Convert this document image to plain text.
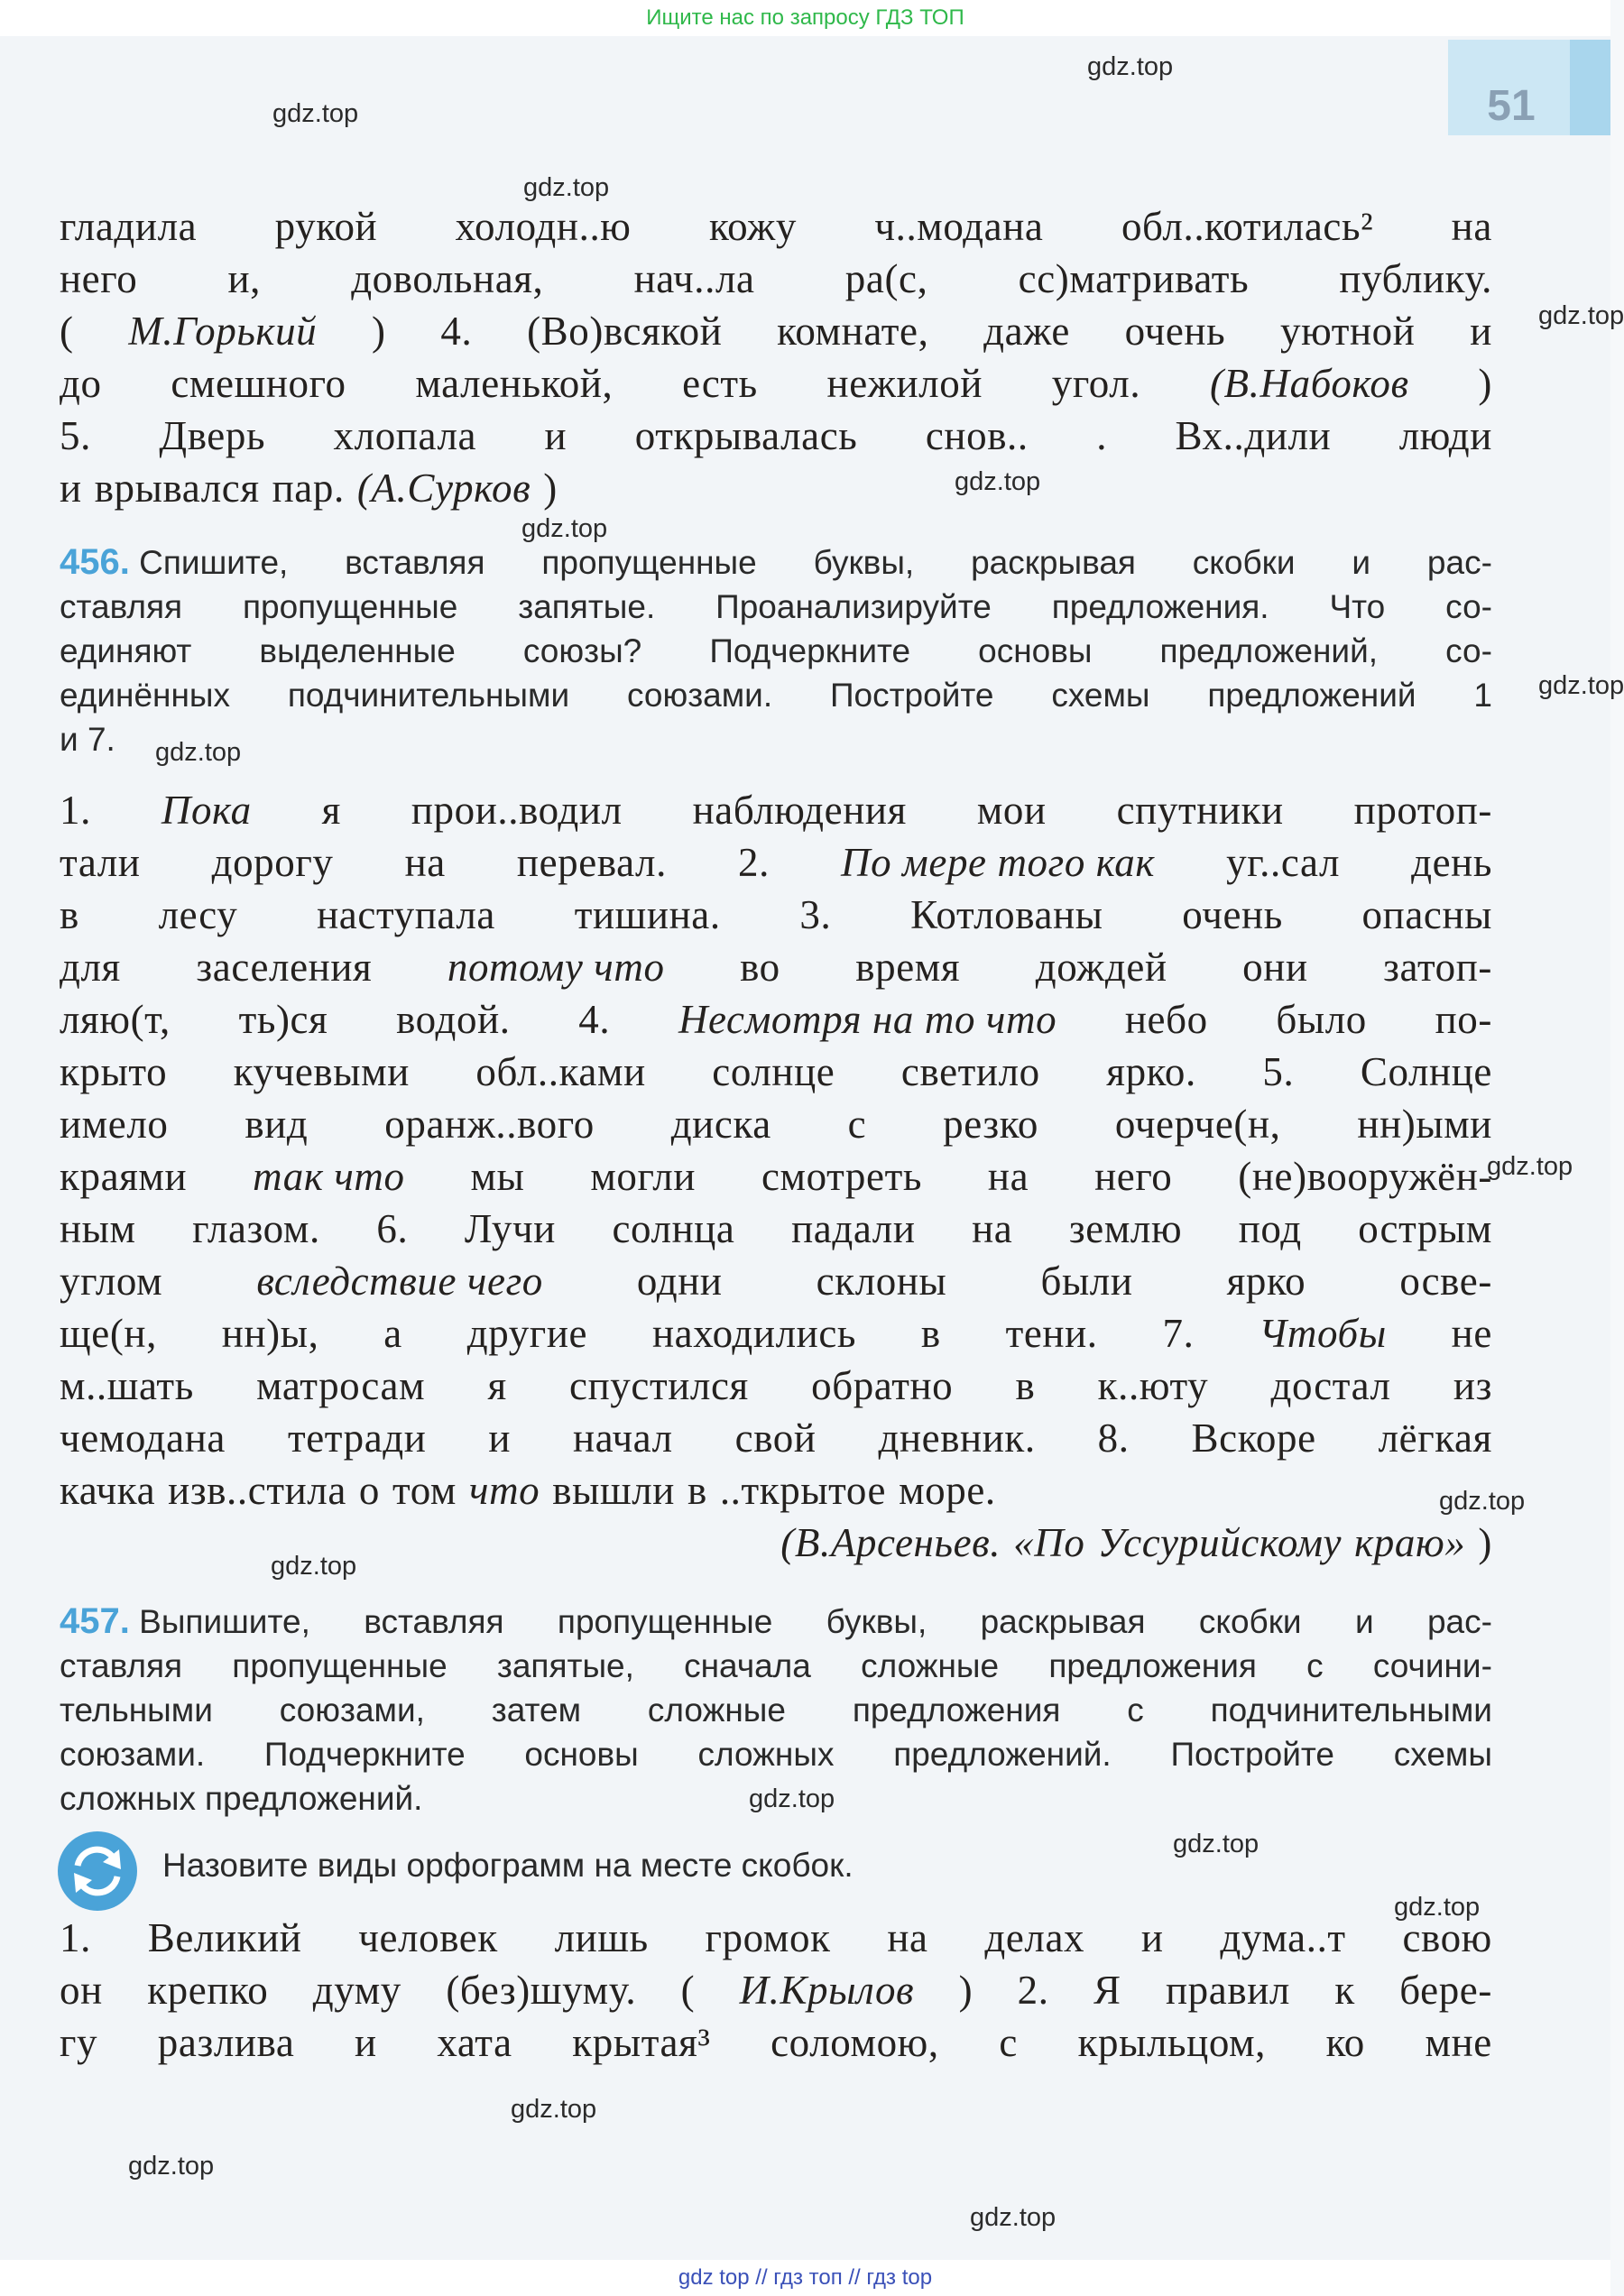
Ищите нас по запросу ГДЗ ТОП
51
гладила рукой холодн..ю кожу ч..модана обл..котилась² на
него и, довольная, нач..ла ра(с, сс)матривать публику.
( М.Горький ) 4. (Во)всякой комнате, даже очень уютной и
до смешного маленькой, есть нежилой угол. (В.Набоков )
5. Дверь хлопала и открывалась снов.. . Вх..дили люди
и врывался пар. (А.Сурков )
456. Спишите, вставляя пропущенные буквы, раскрывая скобки и рас-
ставляя пропущенные запятые. Проанализируйте предложения. Что со-
единяют выделенные союзы? Подчеркните основы предложений, со-
единённых подчинительными союзами. Постройте схемы предложений 1
и 7.
1. Пока я прои..водил наблюдения мои спутники протоп-
тали дорогу на перевал. 2. По мере того как уг..сал день
в лесу наступала тишина. 3. Котлованы очень опасны
для заселения потому что во время дождей они затоп-
ляю(т, ть)ся водой. 4. Несмотря на то что небо было по-
крыто кучевыми обл..ками солнце светило ярко. 5. Солнце
имело вид оранж..вого диска с резко очерче(н, нн)ыми
краями так что мы могли смотреть на него (не)вооружён-
ным глазом. 6. Лучи солнца падали на землю под острым
углом вследствие чего одни склоны были ярко осве-
ще(н, нн)ы, а другие находились в тени. 7. Чтобы не
м..шать матросам я спустился обратно в к..юту достал из
чемодана тетради и начал свой дневник. 8. Вскоре лёгкая
качка изв..стила о том что вышли в ..ткрытое море.
(В.Арсеньев. «По Уссурийскому краю» )
457. Выпишите, вставляя пропущенные буквы, раскрывая скобки и рас-
ставляя пропущенные запятые, сначала сложные предложения с сочини-
тельными союзами, затем сложные предложения с подчинительными
союзами. Подчеркните основы сложных предложений. Постройте схемы
сложных предложений.
Назовите виды орфограмм на месте скобок.
1. Великий человек лишь громок на делах и дума..т свою
он крепко думу (без)шуму. ( И.Крылов ) 2. Я правил к бере-
гу разлива и хата крытая³ соломою, с крыльцом, ко мне
gdz top // гдз топ // гдз top
gdz.top
gdz.top
gdz.top
gdz.top
gdz.top
gdz.top
gdz.top
gdz.top
gdz.top
gdz.top
gdz.top
gdz.top
gdz.top
gdz.top
gdz.top
gdz.top
gdz.top
